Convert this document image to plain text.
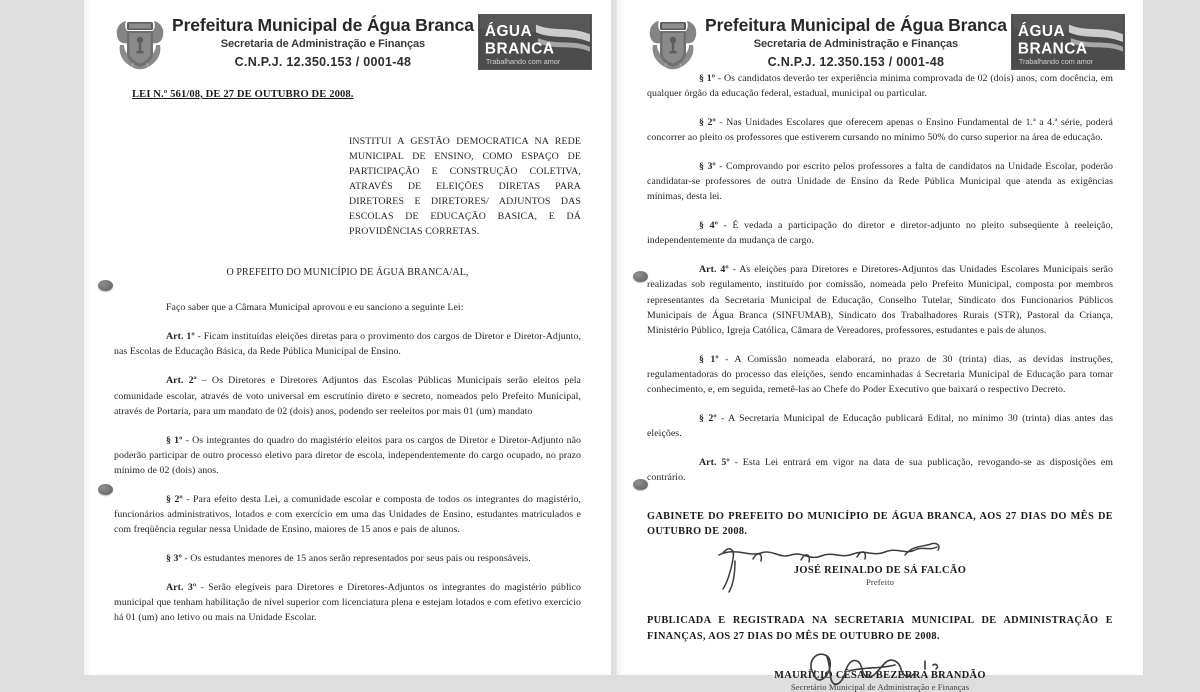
Prefeitura Municipal de Água Branca
Secretaria de Administração e Finanças
C.N.P.J. 12.350.153 / 0001-48
ÁGUA
BRANCA
Trabalhando com amor
LEI N.º 561/08, DE 27 DE OUTUBRO DE 2008.
INSTITUI A GESTÃO DEMOCRATICA NA REDE MUNICIPAL DE ENSINO, COMO ESPAÇO DE PARTICIPAÇÃO E CONSTRUÇÃO COLETIVA, ATRAVÉS DE ELEIÇÕES DIRETAS PARA DIRETORES E DIRETORES/ ADJUNTOS DAS ESCOLAS DE EDUCAÇÃO BASICA, E DÁ PROVIDÊNCIAS CORRETAS.
O PREFEITO DO MUNICÍPIO DE ÁGUA BRANCA/AL,

Faço saber que a Câmara Municipal aprovou e eu sanciono a seguinte Lei:

Art. 1º - Ficam instituídas eleições diretas para o provimento dos cargos de Diretor e Diretor-Adjunto, nas Escolas de Educação Básica, da Rede Pública Municipal de Ensino.

Art. 2ª – Os Diretores e Diretores Adjuntos das Escolas Públicas Municipais serão eleitos pela comunidade escolar, através de voto universal em escrutínio direto e secreto, nomeados pelo Prefeito Municipal, através de Portaria, para um mandato de 02 (dois) anos, podendo ser reeleitos por mais 01 (um) mandato

§ 1º - Os integrantes do quadro do magistério eleitos para os cargos de Diretor e Diretor-Adjunto não poderão participar de outro processo eletivo para diretor de escola, independentemente do cargo ocupado, no prazo mínimo de 02 (dois) anos.

§ 2º - Para efeito desta Lei, a comunidade escolar e composta de todos os integrantes do magistério, funcionários administrativos, lotados e com exercício em uma das Unidades de Ensino, estudantes matriculados e com freqüência regular nessa Unidade de Ensino, maiores de 15 anos e pais de alunos.

§ 3º - Os estudantes menores de 15 anos serão representados por seus pais ou responsáveis.

Art. 3º - Serão elegíveis para Diretores e Diretores-Adjuntos os integrantes do magistério público municipal que tenham habilitação de nível superior com licenciatura plena e estejam lotados e com efetivo exercício há 01 (um) ano letivo ou mais na Unidade Escolar.

Prefeitura Municipal de Água Branca
Secretaria de Administração e Finanças
C.N.P.J. 12.350.153 / 0001-48
ÁGUA
BRANCA
Trabalhando com amor

§ 1º - Os candidatos deverão ter experiência mínima comprovada de 02 (dois) anos, com docência, em qualquer órgão da educação federal, estadual, municipal ou particular.

§ 2º - Nas Unidades Escolares que oferecem apenas o Ensino Fundamental de 1.ª a 4.ª série, poderá concorrer ao pleito os professores que estiverem cursando no mínimo 50% do curso superior na área de educação.

§ 3º - Comprovando por escrito pelos professores a falta de candidatos na Unidade Escolar, poderão candidatar-se professores de outra Unidade de Ensino da Rede Pública Municipal que atenda as exigências mínimas, desta lei.

§ 4º - É vedada a participação do diretor e diretor-adjunto no pleito subseqüente à reeleição, independentemente da mudança de cargo.

Art. 4º - As eleições para Diretores e Diretores-Adjuntos das Unidades Escolares Municipais serão realizadas sob regulamento, instituído por comissão, nomeada pelo Prefeito Municipal, composta por membros representantes da Secretaria Municipal de Educação, Conselho Tutelar, Sindicato dos Funcionarios Públicos Municipais de Água Branca (SINFUMAB), Sindicato dos Trabalhadores Rurais (STR), Pastoral da Criança, Ministério Público, Igreja Católica, Câmara de Vereadores, professores, estudantes e pais de alunos.

§ 1º - A Comissão nomeada elaborará, no prazo de 30 (trinta) dias, as devidas instruções, regulamentadoras do processo das eleições, sendo encaminhadas á Secretaria Municipal de Educação para tomar conhecimento, e, em seguida, remetê-las ao Chefe do Poder Executivo que baixará o respectivo Decreto.

§ 2º - A Secretaria Municipal de Educação publicará Edital, no mínimo 30 (trinta) dias antes das eleições.

Art. 5º - Esta Lei entrará em vigor na data de sua publicação, revogando-se as disposições em contrário.

GABINETE DO PREFEITO DO MUNICÍPIO DE ÁGUA BRANCA, AOS 27 DIAS DO MÊS DE OUTUBRO DE 2008.
JOSÉ REINALDO DE SÁ FALCÃO
Prefeito
PUBLICADA E REGISTRADA NA SECRETARIA MUNICIPAL DE ADMINISTRAÇÃO E FINANÇAS, AOS 27 DIAS DO MÊS DE OUTUBRO DE 2008.
MAURÍCIO CÉSAR BEZERRA BRANDÃO
Secretário Municipal de Administração e Finanças
